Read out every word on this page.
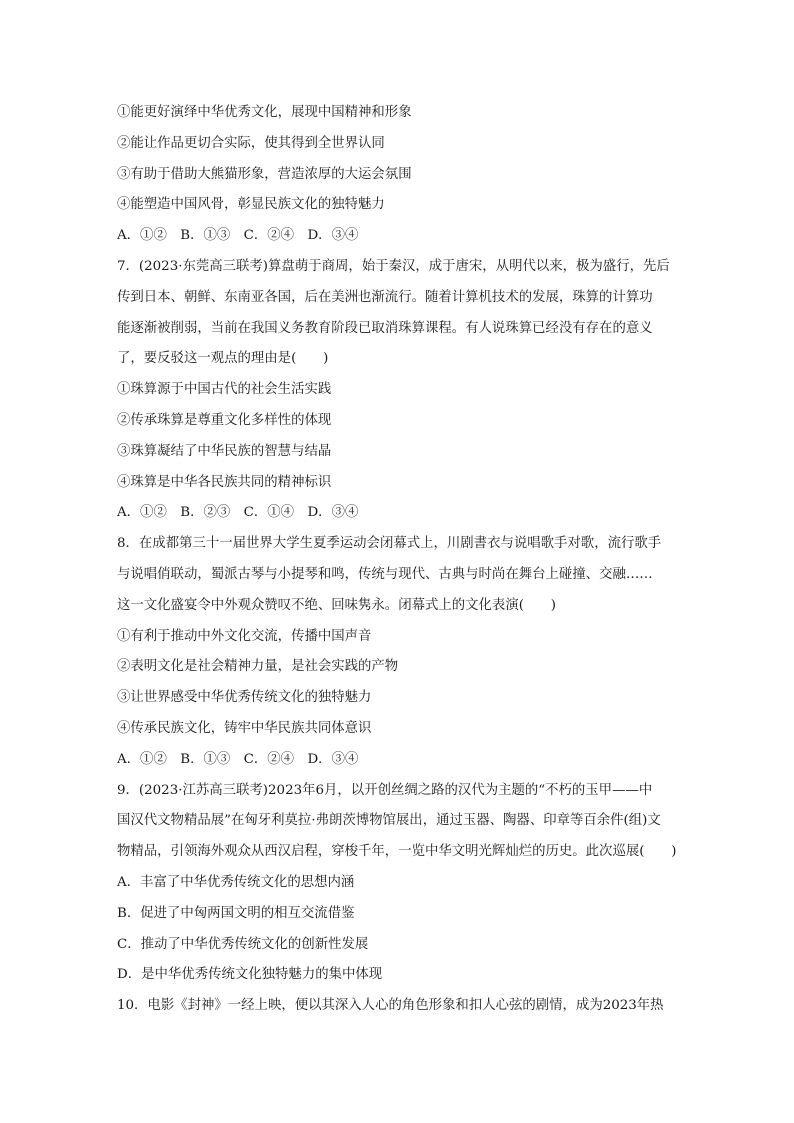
①能更好演绎中华优秀文化，展现中国精神和形象
②能让作品更切合实际，使其得到全世界认同
③有助于借助大熊猫形象，营造浓厚的大运会氛围
④能塑造中国风骨，彰显民族文化的独特魅力
A．①②　B．①③　C．②④　D．③④
7．(2023·东莞高三联考)算盘萌于商周，始于秦汉，成于唐宋，从明代以来，极为盛行，先后
传到日本、朝鲜、东南亚各国，后在美洲也渐流行。随着计算机技术的发展，珠算的计算功
能逐渐被削弱，当前在我国义务教育阶段已取消珠算课程。有人说珠算已经没有存在的意义
了，要反驳这一观点的理由是(　　)
①珠算源于中国古代的社会生活实践
②传承珠算是尊重文化多样性的体现
③珠算凝结了中华民族的智慧与结晶
④珠算是中华各民族共同的精神标识
A．①②　B．②③　C．①④　D．③④
8．在成都第三十一届世界大学生夏季运动会闭幕式上，川剧書衣与说唱歌手对歌，流行歌手
与说唱俏联动，蜀派古琴与小提琴和鸣，传统与现代、古典与时尚在舞台上碰撞、交融……
这一文化盛宴令中外观众赞叹不绝、回味隽永。闭幕式上的文化表演(　　)
①有利于推动中外文化交流，传播中国声音
②表明文化是社会精神力量，是社会实践的产物
③让世界感受中华优秀传统文化的独特魅力
④传承民族文化，铸牢中华民族共同体意识
A．①②　B．①③　C．②④　D．③④
9．(2023·江苏高三联考)2023年6月，以开创丝绸之路的汉代为主题的“不朽的玉甲——中
国汉代文物精品展”在匈牙利莫拉·弗朗茨博物馆展出，通过玉器、陶器、印章等百余件(组)文
物精品，引领海外观众从西汉启程，穿梭千年，一览中华文明光辉灿烂的历史。此次巡展(　　)
A．丰富了中华优秀传统文化的思想内涵
B．促进了中匈两国文明的相互交流借鉴
C．推动了中华优秀传统文化的创新性发展
D．是中华优秀传统文化独特魅力的集中体现
10．电影《封神》一经上映，便以其深入人心的角色形象和扣人心弦的剧情，成为2023年热
